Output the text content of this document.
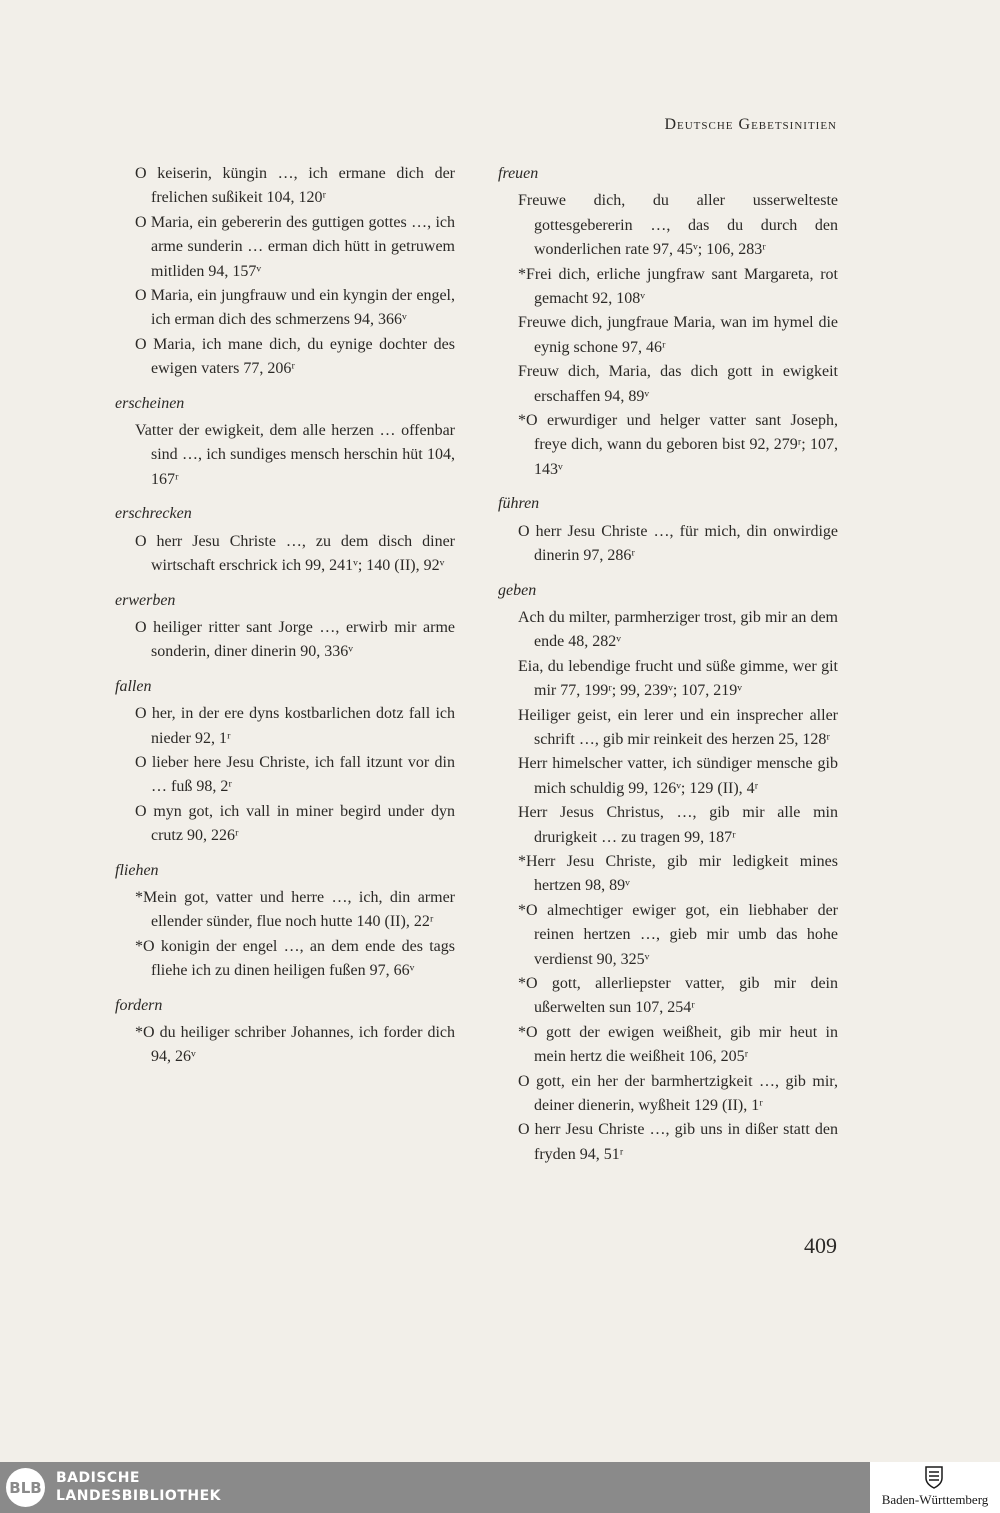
Deutsche Gebetsinitien
O keiserin, küngin …, ich ermane dich der frelichen sußikeit 104, 120ʳ
O Maria, ein gebererin des guttigen gottes …, ich arme sunderin … erman dich hütt in getruwem mitliden 94, 157ᵛ
O Maria, ein jungfrauw und ein kyngin der engel, ich erman dich des schmerzens 94, 366ᵛ
O Maria, ich mane dich, du eynige dochter des ewigen vaters 77, 206ʳ
erscheinen
Vatter der ewigkeit, dem alle herzen … offenbar sind …, ich sundiges mensch herschin hüt 104, 167ʳ
erschrecken
O herr Jesu Christe …, zu dem disch diner wirtschaft erschrick ich 99, 241ᵛ; 140 (II), 92ᵛ
erwerben
O heiliger ritter sant Jorge …, erwirb mir arme sonderin, diner dinerin 90, 336ᵛ
fallen
O her, in der ere dyns kostbarlichen dotz fall ich nieder 92, 1ʳ
O lieber here Jesu Christe, ich fall itzunt vor din … fuß 98, 2ʳ
O myn got, ich vall in miner begird under dyn crutz 90, 226ʳ
fliehen
*Mein got, vatter und herre …, ich, din armer ellender sünder, flue noch hutte 140 (II), 22ʳ
*O konigin der engel …, an dem ende des tags fliehe ich zu dinen heiligen fußen 97, 66ᵛ
fordern
*O du heiliger schriber Johannes, ich forder dich 94, 26ᵛ
freuen
Freuwe dich, du aller usserweltestе gottesgebererin …, das du durch den wonderlichen rate 97, 45ᵛ; 106, 283ʳ
*Frei dich, erliche jungfraw sant Margareta, rot gemacht 92, 108ᵛ
Freuwe dich, jungfraue Maria, wan im hymel die eynig schone 97, 46ʳ
Freuw dich, Maria, das dich gott in ewigkeit erschaffen 94, 89ᵛ
*O erwurdiger und helger vatter sant Joseph, freye dich, wann du geboren bist 92, 279ʳ; 107, 143ᵛ
führen
O herr Jesu Christe …, für mich, din onwirdige dinerin 97, 286ʳ
geben
Ach du milter, parmherziger trost, gib mir an dem ende 48, 282ᵛ
Eia, du lebendige frucht und süße gimme, wer git mir 77, 199ʳ; 99, 239ᵛ; 107, 219ᵛ
Heiliger geist, ein lerer und ein insprecher aller schrift …, gib mir reinkeit des herzen 25, 128ʳ
Herr himelscher vatter, ich sündiger mensche gib mich schuldig 99, 126ᵛ; 129 (II), 4ʳ
Herr Jesus Christus, …, gib mir alle min drurigkeit … zu tragen 99, 187ʳ
*Herr Jesu Christe, gib mir ledigkeit mines hertzen 98, 89ᵛ
*O almechtiger ewiger got, ein liebhaber der reinen hertzen …, gieb mir umb das hohe verdienst 90, 325ᵛ
*O gott, allerliepster vatter, gib mir dein ußerwelten sun 107, 254ʳ
*O gott der ewigen weißheit, gib mir heut in mein hertz die weißheit 106, 205ʳ
O gott, ein her der barmhertzigkeit …, gib mir, deiner dienerin, wyßheit 129 (II), 1ʳ
O herr Jesu Christe …, gib uns in dißer statt den fryden 94, 51ʳ
409
BLB
BADISCHE
LANDESBIBLIOTHEK	Baden-Württemberg
